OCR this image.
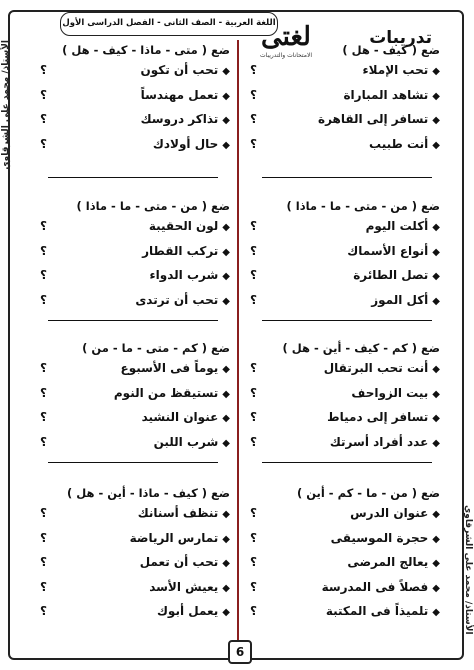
اللغة العربية - الصف الثانى - الفصل الدراسى الأول
لغتى
الامتحانات والتدريبات
تدريبات
الأستاذ/ محمد على الشرقاوي
الأستاذ/ محمد على الشرقاوي
ضع ( كيف - هل )
◆تحب الإملاء
؟
◆تشاهد المباراة
؟
◆تسافر إلى القاهرة
؟
◆أنت طبيب
؟
ضع ( متى - ماذا - كيف - هل )
◆تحب أن تكون
؟
◆تعمل مهندساً
؟
◆تذاكر دروسك
؟
◆حال أولادك
؟
ضع ( من - متى - ما - ماذا )
◆أكلت اليوم
؟
◆أنواع الأسماك
؟
◆تصل الطائرة
؟
◆أكل الموز
؟
ضع ( من - متى - ما - ماذا )
◆لون الحقيبة
؟
◆تركب القطار
؟
◆شرب الدواء
؟
◆تحب أن ترتدى
؟
ضع ( كم - كيف - أين - هل )
◆أنت تحب البرتقال
؟
◆بيت الزواحف
؟
◆تسافر إلى دمياط
؟
◆عدد أفراد أسرتك
؟
ضع ( كم - متى - ما - من )
◆يوماً فى الأسبوع
؟
◆تستيقظ من النوم
؟
◆عنوان النشيد
؟
◆شرب اللبن
؟
ضع ( من - ما - كم - أين )
◆عنوان الدرس
؟
◆حجرة الموسيقى
؟
◆يعالج المرضى
؟
◆فصلاً فى المدرسة
؟
◆تلميذاً فى المكتبة
؟
ضع ( كيف - ماذا - أين - هل )
◆تنظف أسنانك
؟
◆تمارس الرياضة
؟
◆تحب أن تعمل
؟
◆يعيش الأسد
؟
◆يعمل أبوك
؟
6
